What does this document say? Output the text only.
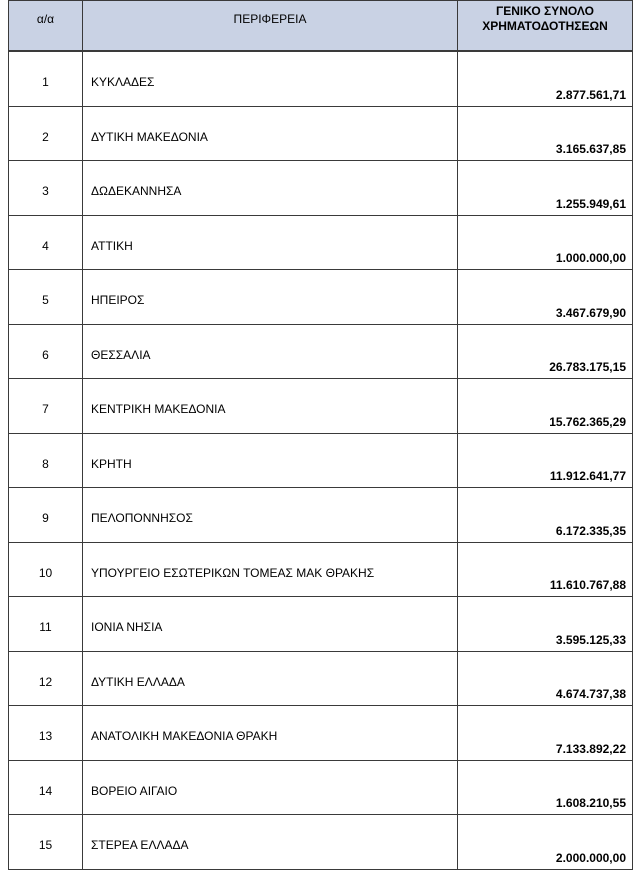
α/α	ΠΕΡΙΦΕΡΕΙΑ	ΓΕΝΙΚΟ ΣΥΝΟΛΟ
ΧΡΗΜΑΤΟΔΟΤΗΣΕΩΝ

1	ΚΥΚΛΑΔΕΣ	2.877.561,71

2	ΔΥΤΙΚΗ ΜΑΚΕΔΟΝΙΑ	3.165.637,85

3	ΔΩΔΕΚΑΝΝΗΣΑ	1.255.949,61

4	ΑΤΤΙΚΗ	1.000.000,00

5	ΗΠΕΙΡΟΣ	3.467.679,90

6	ΘΕΣΣΑΛΙΑ	26.783.175,15

7	ΚΕΝΤΡΙΚΗ ΜΑΚΕΔΟΝΙΑ	15.762.365,29

8	ΚΡΗΤΗ	11.912.641,77

9	ΠΕΛΟΠΟΝΝΗΣΟΣ	6.172.335,35

10	ΥΠΟΥΡΓΕΙΟ ΕΣΩΤΕΡΙΚΩΝ ΤΟΜΕΑΣ ΜΑΚ ΘΡΑΚΗΣ	11.610.767,88

11	ΙΟΝΙΑ ΝΗΣΙΑ	3.595.125,33

12	ΔΥΤΙΚΗ ΕΛΛΑΔΑ	4.674.737,38

13	ΑΝΑΤΟΛΙΚΗ ΜΑΚΕΔΟΝΙΑ ΘΡΑΚΗ	7.133.892,22

14	ΒΟΡΕΙΟ ΑΙΓΑΙΟ	1.608.210,55

15	ΣΤΕΡΕΑ ΕΛΛΑΔΑ	2.000.000,00
